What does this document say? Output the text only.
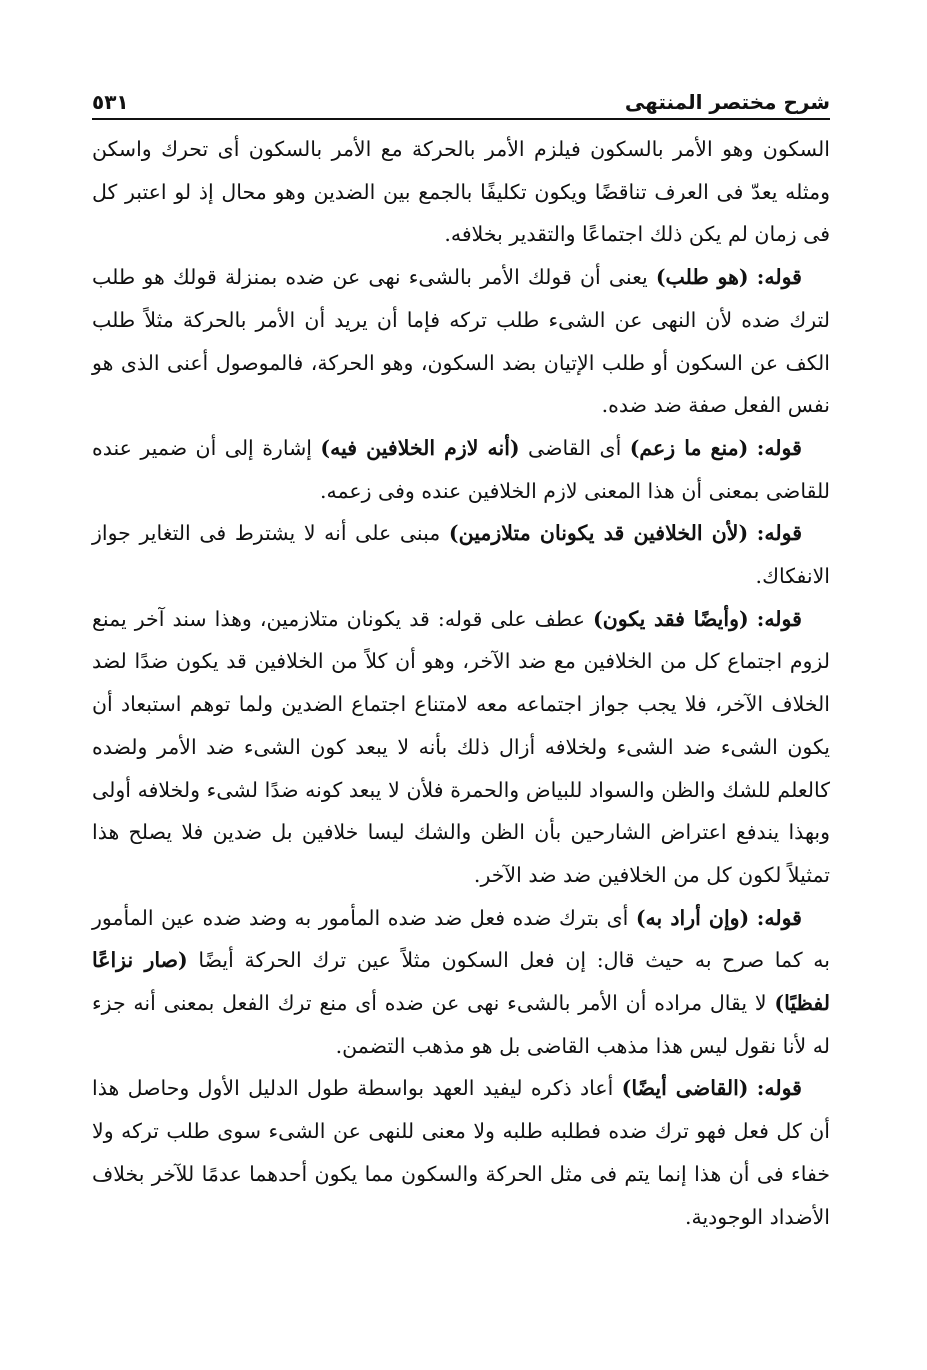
شرح مختصر المنتهى
٥٣١

السكون وهو الأمر بالسكون فيلزم الأمر بالحركة مع الأمر بالسكون أى تحرك واسكن ومثله يعدّ فى العرف تناقضًا ويكون تكليفًا بالجمع بين الضدين وهو محال إذ لو اعتبر كل فى زمان لم يكن ذلك اجتماعًا والتقدير بخلافه.

قوله: (هو طلب) يعنى أن قولك الأمر بالشىء نهى عن ضده بمنزلة قولك هو طلب لترك ضده لأن النهى عن الشىء طلب تركه فإما أن يريد أن الأمر بالحركة مثلاً طلب الكف عن السكون أو طلب الإتيان بضد السكون، وهو الحركة، فالموصول أعنى الذى هو نفس الفعل صفة ضد ضده.

قوله: (منع ما زعم) أى القاضى (أنه لازم الخلافين فيه) إشارة إلى أن ضمير عنده للقاضى بمعنى أن هذا المعنى لازم الخلافين عنده وفى زعمه.

قوله: (لأن الخلافين قد يكونان متلازمين) مبنى على أنه لا يشترط فى التغاير جواز الانفكاك.

قوله: (وأيضًا فقد يكون) عطف على قوله: قد يكونان متلازمين، وهذا سند آخر يمنع لزوم اجتماع كل من الخلافين مع ضد الآخر، وهو أن كلاً من الخلافين قد يكون ضدًا لضد الخلاف الآخر، فلا يجب جواز اجتماعه معه لامتناع اجتماع الضدين ولما توهم استبعاد أن يكون الشىء ضد الشىء ولخلافه أزال ذلك بأنه لا يبعد كون الشىء ضد الأمر ولضده كالعلم للشك والظن والسواد للبياض والحمرة فلأن لا يبعد كونه ضدًا لشىء ولخلافه أولى وبهذا يندفع اعتراض الشارحين بأن الظن والشك ليسا خلافين بل ضدين فلا يصلح هذا تمثيلاً لكون كل من الخلافين ضد ضد الآخر.

قوله: (وإن أراد به) أى بترك ضده فعل ضد ضده المأمور به وضد ضده عين المأمور به كما صرح به حيث قال: إن فعل السكون مثلاً عين ترك الحركة أيضًا (صار نزاعًا لفظيًا) لا يقال مراده أن الأمر بالشىء نهى عن ضده أى منع ترك الفعل بمعنى أنه جزء له لأنا نقول ليس هذا مذهب القاضى بل هو مذهب التضمن.

قوله: (القاضى أيضًا) أعاد ذكره ليفيد العهد بواسطة طول الدليل الأول وحاصل هذا أن كل فعل فهو ترك ضده فطلبه طلبه ولا معنى للنهى عن الشىء سوى طلب تركه ولا خفاء فى أن هذا إنما يتم فى مثل الحركة والسكون مما يكون أحدهما عدمًا للآخر بخلاف الأضداد الوجودية.
